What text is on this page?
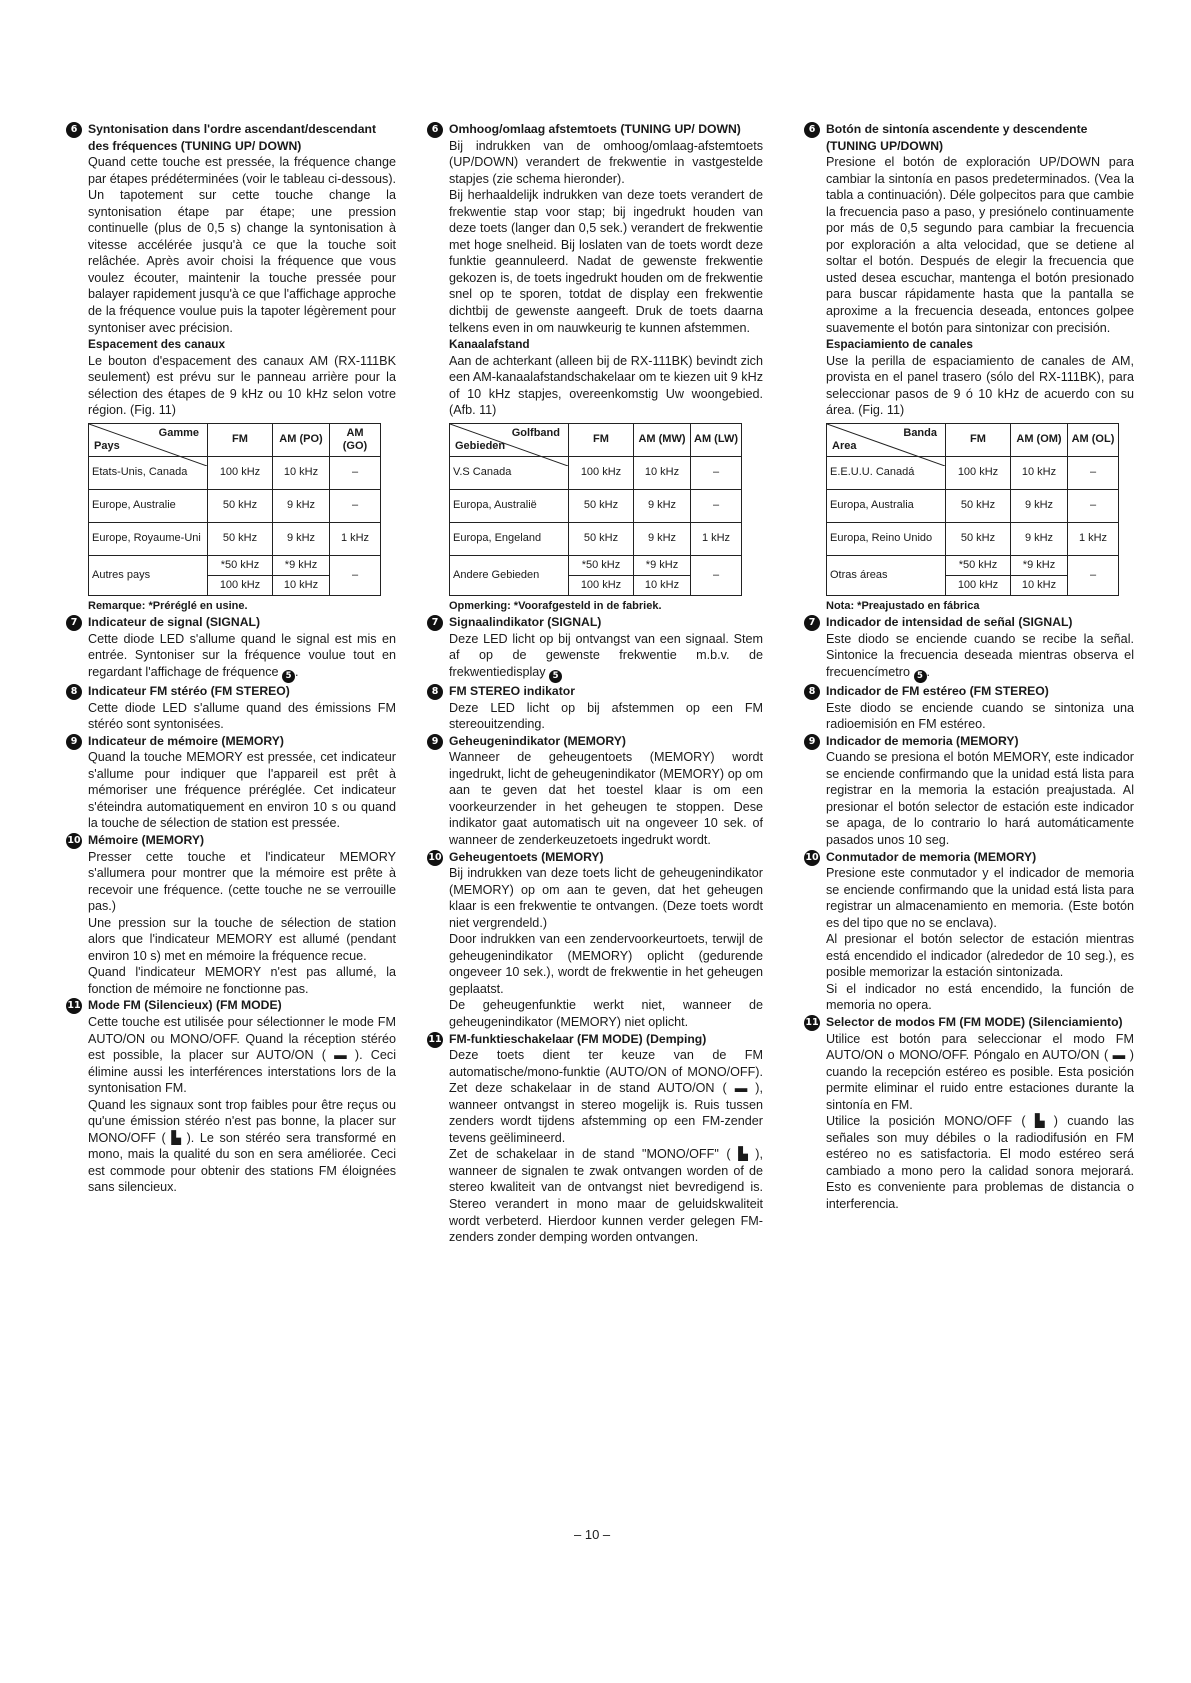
6 Syntonisation dans l'ordre ascendant/descendant des fréquences (TUNING UP/ DOWN)

Quand cette touche est pressée, la fréquence change par étapes prédéterminées (voir le tableau ci-dessous). Un tapotement sur cette touche change la syntonisation étape par étape; une pression continuelle (plus de 0,5 s) change la syntonisation à vitesse accélérée jusqu'à ce que la touche soit relâchée. Après avoir choisi la fréquence que vous voulez écouter, maintenir la touche pressée pour balayer rapidement jusqu'à ce que l'affichage approche de la fréquence voulue puis la tapoter légèrement pour syntoniser avec précision.

Espacement des canaux

Le bouton d'espacement des canaux AM (RX-111BK seulement) est prévu sur le panneau arrière pour la sélection des étapes de 9 kHz ou 10 kHz selon votre région. (Fig. 11)

Gamme
Pays	FM	AM (PO)	AM (GO)
Etats-Unis, Canada	100 kHz	10 kHz	–
Europe, Australie	50 kHz	9 kHz	–
Europe, Royaume-Uni	50 kHz	9 kHz	1 kHz
Autres pays	*50 kHz	*9 kHz	–
	100 kHz	10 kHz	
Remarque: *Préréglé en usine.
7 Indicateur de signal (SIGNAL)

Cette diode LED s'allume quand le signal est mis en entrée. Syntoniser sur la fréquence voulue tout en regardant l'affichage de fréquence 5 .

8 Indicateur FM stéréo (FM STEREO)

Cette diode LED s'allume quand des émissions FM stéréo sont syntonisées.

9 Indicateur de mémoire (MEMORY)

Quand la touche MEMORY est pressée, cet indicateur s'allume pour indiquer que l'appareil est prêt à mémoriser une fréquence préréglée. Cet indicateur s'éteindra automatiquement en environ 10 s ou quand la touche de sélection de station est pressée.

10 Mémoire (MEMORY)

Presser cette touche et l'indicateur MEMORY s'allumera pour montrer que la mémoire est prête à recevoir une fréquence. (cette touche ne se verrouille pas.)

Une pression sur la touche de sélection de station alors que l'indicateur MEMORY est allumé (pendant environ 10 s) met en mémoire la fréquence recue.

Quand l'indicateur MEMORY n'est pas allumé, la fonction de mémoire ne fonctionne pas.

11 Mode FM (Silencieux) (FM MODE)

Cette touche est utilisée pour sélectionner le mode FM AUTO/ON ou MONO/OFF. Quand la réception stéréo est possible, la placer sur AUTO/ON ( ▬ ). Ceci élimine aussi les interférences interstations lors de la syntonisation FM.

Quand les signaux sont trop faibles pour être reçus ou qu'une émission stéréo n'est pas bonne, la placer sur MONO/OFF ( ▙ ). Le son stéréo sera transformé en mono, mais la qualité du son en sera améliorée. Ceci est commode pour obtenir des stations FM éloignées sans silencieux.

6 Omhoog/omlaag afstemtoets (TUNING UP/ DOWN)

Bij indrukken van de omhoog/omlaag-afstemtoets (UP/DOWN) verandert de frekwentie in vastgestelde stapjes (zie schema hieronder).

Bij herhaaldelijk indrukken van deze toets verandert de frekwentie stap voor stap; bij ingedrukt houden van deze toets (langer dan 0,5 sek.) verandert de frekwentie met hoge snelheid. Bij loslaten van de toets wordt deze funktie geannuleerd. Nadat de gewenste frekwentie gekozen is, de toets ingedrukt houden om de frekwentie snel op te sporen, totdat de display een frekwentie dichtbij de gewenste aangeeft. Druk de toets daarna telkens even in om nauwkeurig te kunnen afstemmen.

Kanaalafstand

Aan de achterkant (alleen bij de RX-111BK) bevindt zich een AM-kanaalafstandschakelaar om te kiezen uit 9 kHz of 10 kHz stapjes, overeenkomstig Uw woongebied. (Afb. 11)

Golfband
Gebieden	FM	AM (MW)	AM (LW)
V.S Canada	100 kHz	10 kHz	–
Europa, Australië	50 kHz	9 kHz	–
Europa, Engeland	50 kHz	9 kHz	1 kHz
Andere Gebieden	*50 kHz	*9 kHz	–
	100 kHz	10 kHz	
Opmerking: *Voorafgesteld in de fabriek.
7 Signaalindikator (SIGNAL)

Deze LED licht op bij ontvangst van een signaal. Stem af op de gewenste frekwentie m.b.v. de frekwentiedisplay 5

8 FM STEREO indikator

Deze LED licht op bij afstemmen op een FM stereouitzending.

9 Geheugenindikator (MEMORY)

Wanneer de geheugentoets (MEMORY) wordt ingedrukt, licht de geheugenindikator (MEMORY) op om aan te geven dat het toestel klaar is om een voorkeurzender in het geheugen te stoppen. Dese indikator gaat automatisch uit na ongeveer 10 sek. of wanneer de zenderkeuzetoets ingedrukt wordt.

10 Geheugentoets (MEMORY)

Bij indrukken van deze toets licht de geheugenindikator (MEMORY) op om aan te geven, dat het geheugen klaar is een frekwentie te ontvangen. (Deze toets wordt niet vergrendeld.)

Door indrukken van een zendervoorkeurtoets, terwijl de geheugenindikator (MEMORY) oplicht (gedurende ongeveer 10 sek.), wordt de frekwentie in het geheugen geplaatst.

De geheugenfunktie werkt niet, wanneer de geheugenindikator (MEMORY) niet oplicht.

11 FM-funktieschakelaar (FM MODE) (Demping)

Deze toets dient ter keuze van de FM automatische/mono-funktie (AUTO/ON of MONO/OFF). Zet deze schakelaar in de stand AUTO/ON ( ▬ ), wanneer ontvangst in stereo mogelijk is. Ruis tussen zenders wordt tijdens afstemming op een FM-zender tevens geëlimineerd.

Zet de schakelaar in de stand "MONO/OFF" ( ▙ ), wanneer de signalen te zwak ontvangen worden of de stereo kwaliteit van de ontvangst niet bevredigend is. Stereo verandert in mono maar de geluidskwaliteit wordt verbeterd. Hierdoor kunnen verder gelegen FM-zenders zonder demping worden ontvangen.

6 Botón de sintonía ascendente y descendente (TUNING UP/DOWN)

Presione el botón de exploración UP/DOWN para cambiar la sintonía en pasos predeterminados. (Vea la tabla a continuación). Déle golpecitos para que cambie la frecuencia paso a paso, y presiónelo continuamente por más de 0,5 segundo para cambiar la frecuencia por exploración a alta velocidad, que se detiene al soltar el botón. Después de elegir la frecuencia que usted desea escuchar, mantenga el botón presionado para buscar rápidamente hasta que la pantalla se aproxime a la frecuencia deseada, entonces golpee suavemente el botón para sintonizar con precisión.

Espaciamiento de canales

Use la perilla de espaciamiento de canales de AM, provista en el panel trasero (sólo del RX-111BK), para seleccionar pasos de 9 ó 10 kHz de acuerdo con su área. (Fig. 11)

Banda
Area	FM	AM (OM)	AM (OL)
E.E.U.U. Canadá	100 kHz	10 kHz	–
Europa, Australia	50 kHz	9 kHz	–
Europa, Reino Unido	50 kHz	9 kHz	1 kHz
Otras áreas	*50 kHz	*9 kHz	–
	100 kHz	10 kHz	
Nota: *Preajustado en fábrica
7 Indicador de intensidad de señal (SIGNAL)

Este diodo se enciende cuando se recibe la señal. Sintonice la frecuencia deseada mientras observa el frecuencímetro 5 .

8 Indicador de FM estéreo (FM STEREO)

Este diodo se enciende cuando se sintoniza una radioemisión en FM estéreo.

9 Indicador de memoria (MEMORY)

Cuando se presiona el botón MEMORY, este indicador se enciende confirmando que la unidad está lista para registrar en la memoria la estación preajustada. Al presionar el botón selector de estación este indicador se apaga, de lo contrario lo hará automáticamente pasados unos 10 seg.

10 Conmutador de memoria (MEMORY)

Presione este conmutador y el indicador de memoria se enciende confirmando que la unidad está lista para registrar un almacenamiento en memoria. (Este botón es del tipo que no se enclava).

Al presionar el botón selector de estación mientras está encendido el indicador (alrededor de 10 seg.), es posible memorizar la estación sintonizada.

Si el indicador no está encendido, la función de memoria no opera.

11 Selector de modos FM (FM MODE) (Silenciamiento)

Utilice est botón para seleccionar el modo FM AUTO/ON o MONO/OFF. Póngalo en AUTO/ON ( ▬ ) cuando la recepción estéreo es posible. Esta posición permite eliminar el ruido entre estaciones durante la sintonía en FM.

Utilice la posición MONO/OFF ( ▙ ) cuando las señales son muy débiles o la radiodifusión en FM estéreo no es satisfactoria. El modo estéreo será cambiado a mono pero la calidad sonora mejorará. Esto es conveniente para problemas de distancia o interferencia.

– 10 –
